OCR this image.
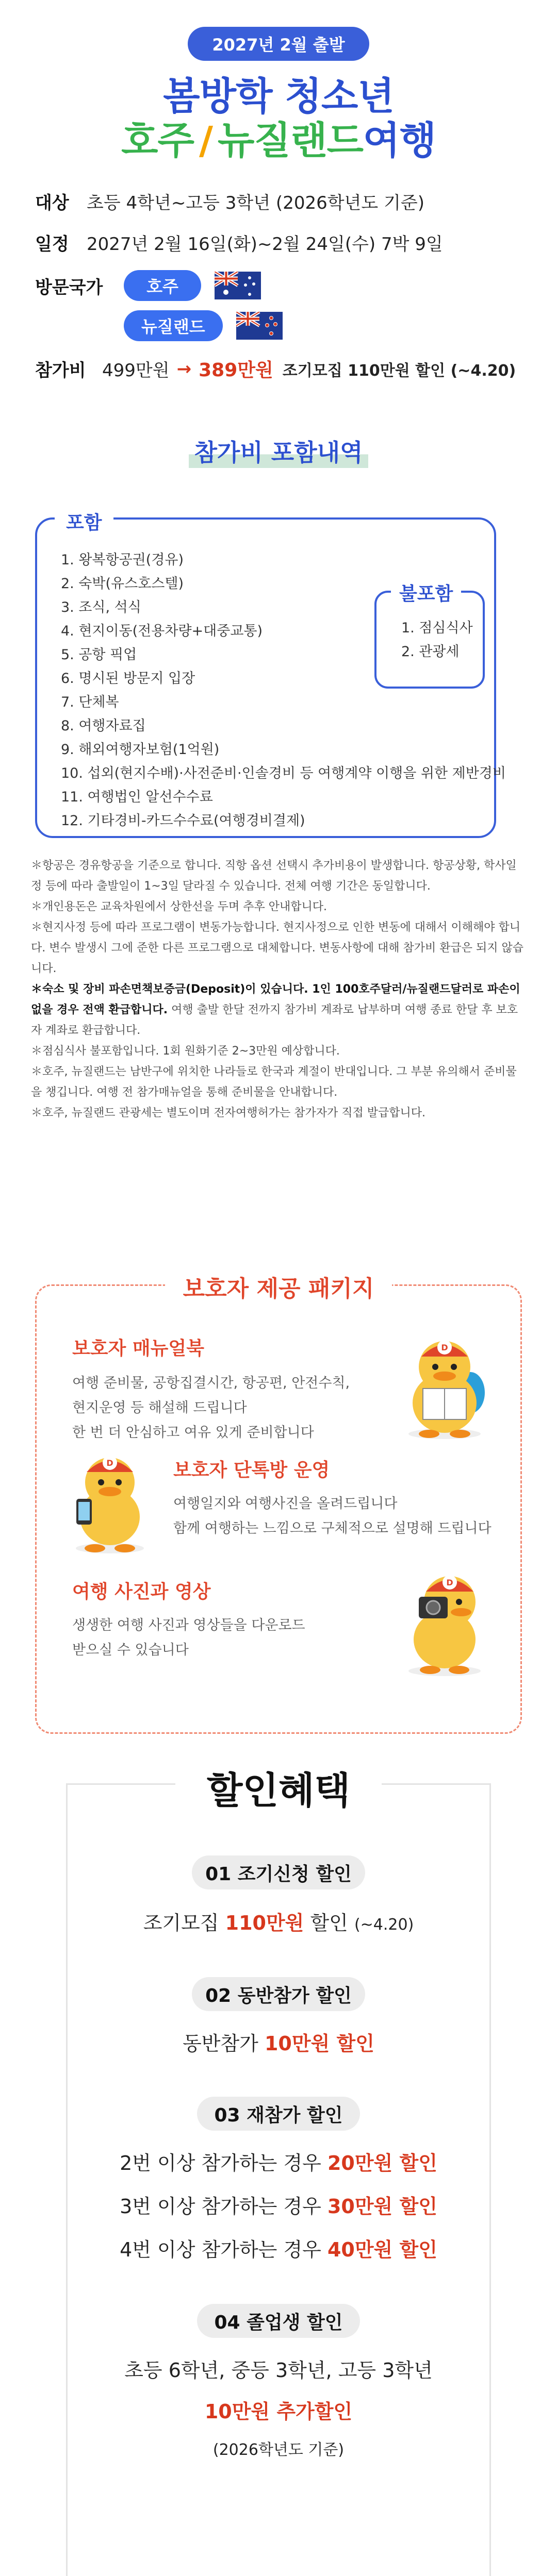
2027년 2월 출발
봄방학 청소년
호주 / 뉴질랜드여행
대상	초등 4학년~고등 3학년 (2026학년도 기준)
일정	2027년 2월 16일(화)~2월 24일(수) 7박 9일
방문국가	호주
뉴질랜드
참가비 499만원 → 389만원 조기모집 110만원 할인 (~4.20)
참가비 포함내역
포함
1. 왕복항공권(경유)
2. 숙박(유스호스텔)
3. 조식, 석식
4. 현지이동(전용차량+대중교통)
5. 공항 픽업
6. 명시된 방문지 입장
7. 단체복
8. 여행자료집
9. 해외여행자보험(1억원)
10. 섭외(현지수배)·사전준비·인솔경비 등 여행계약 이행을 위한 제반경비
11. 여행법인 알선수수료
12. 기타경비-카드수수료(여행경비결제)
불포함
1. 점심식사
2. 관광세

＊항공은 경유항공을 기준으로 합니다. 직항 옵션 선택시 추가비용이 발생합니다. 항공상황, 학사일정 등에 따라 출발일이 1~3일 달라질 수 있습니다. 전체 여행 기간은 동일합니다.

＊개인용돈은 교육차원에서 상한선을 두며 추후 안내합니다.

＊현지사정 등에 따라 프로그램이 변동가능합니다. 현지사정으로 인한 변동에 대해서 이해해야 합니다. 변수 발생시 그에 준한 다른 프로그램으로 대체합니다. 변동사항에 대해 참가비 환급은 되지 않습니다.

＊숙소 및 장비 파손면책보증금(Deposit)이 있습니다. 1인 100호주달러/뉴질랜드달러로 파손이 없을 경우 전액 환급합니다. 여행 출발 한달 전까지 참가비 계좌로 납부하며 여행 종료 한달 후 보호자 계좌로 환급합니다.

＊점심식사 불포함입니다. 1회 원화기준 2~3만원 예상합니다.

＊호주, 뉴질랜드는 남반구에 위치한 나라들로 한국과 계절이 반대입니다. 그 부분 유의해서 준비물을 챙깁니다. 여행 전 참가매뉴얼을 통해 준비물을 안내합니다.

＊호주, 뉴질랜드 관광세는 별도이며 전자여행허가는 참가자가 직접 발급합니다.

보호자 제공 패키지
보호자 매뉴얼북
여행 준비물, 공항집결시간, 항공편, 안전수칙,
현지운영 등 해설해 드립니다
한 번 더 안심하고 여유 있게 준비합니다
D
보호자 단톡방 운영
여행일지와 여행사진을 올려드립니다
함께 여행하는 느낌으로 구체적으로 설명해 드립니다
D
여행 사진과 영상
생생한 여행 사진과 영상들을 다운로드
받으실 수 있습니다
D
할인혜택
01 조기신청 할인
조기모집 110만원 할인 (~4.20)
02 동반참가 할인
동반참가 10만원 할인
03 재참가 할인
2번 이상 참가하는 경우 20만원 할인
3번 이상 참가하는 경우 30만원 할인
4번 이상 참가하는 경우 40만원 할인
04 졸업생 할인
초등 6학년, 중등 3학년, 고등 3학년
10만원 추가할인
(2026학년도 기준)
